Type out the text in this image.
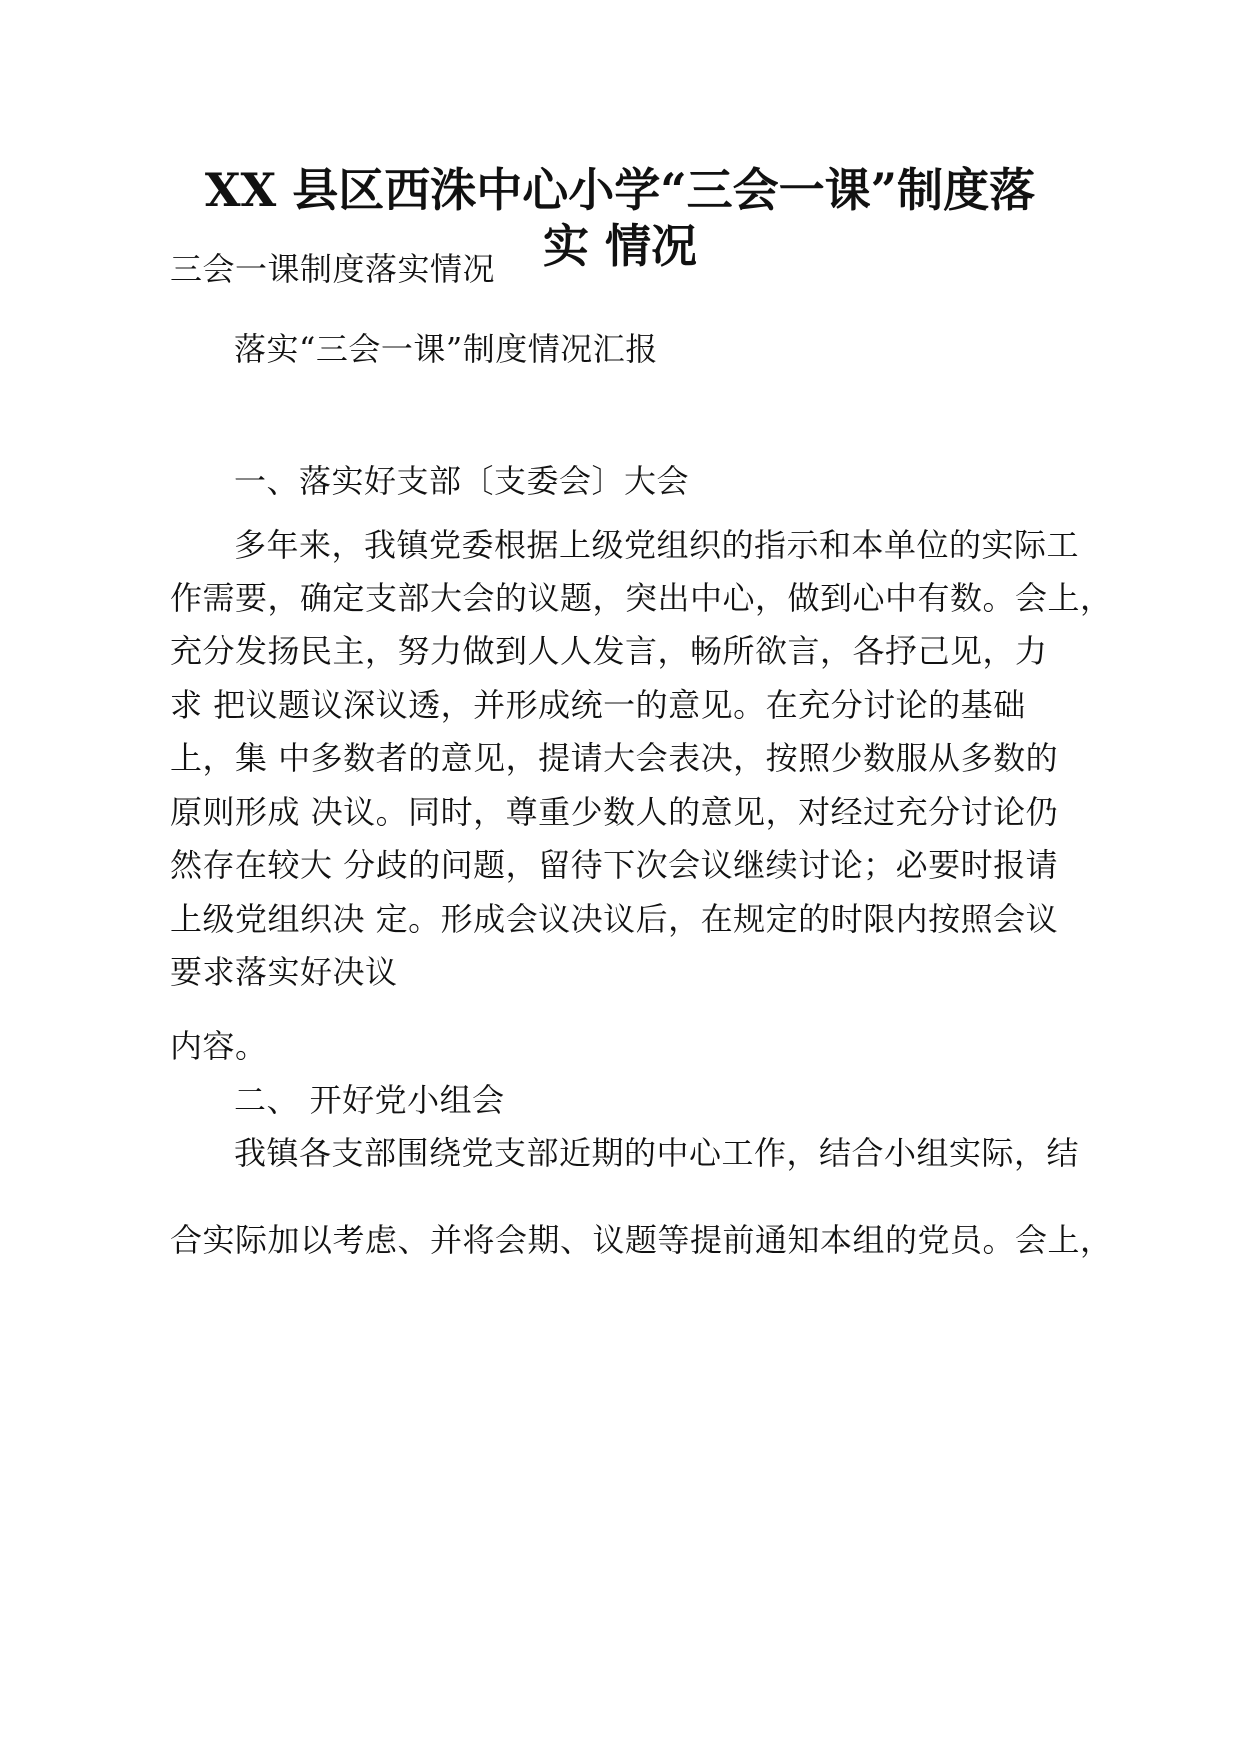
XX 县区西洙中心小学“三会一课”制度落
实 情况
三会一课制度落实情况
落实“三会一课”制度情况汇报
一、落实好支部〔支委会〕大会
多年来，我镇党委根据上级党组织的指示和本单位的实际工
作需要，确定支部大会的议题，突出中心，做到心中有数。会上，
充分发扬民主，努力做到人人发言，畅所欲言，各抒己见，力
求 把议题议深议透，并形成统一的意见。在充分讨论的基础
上，集 中多数者的意见，提请大会表决，按照少数服从多数的
原则形成 决议。同时，尊重少数人的意见，对经过充分讨论仍
然存在较大 分歧的问题，留待下次会议继续讨论；必要时报请
上级党组织决 定。形成会议决议后，在规定的时限内按照会议
要求落实好决议
内容。
二、 开好党小组会
我镇各支部围绕党支部近期的中心工作，结合小组实际，结
合实际加以考虑、并将会期、议题等提前通知本组的党员。会上，
